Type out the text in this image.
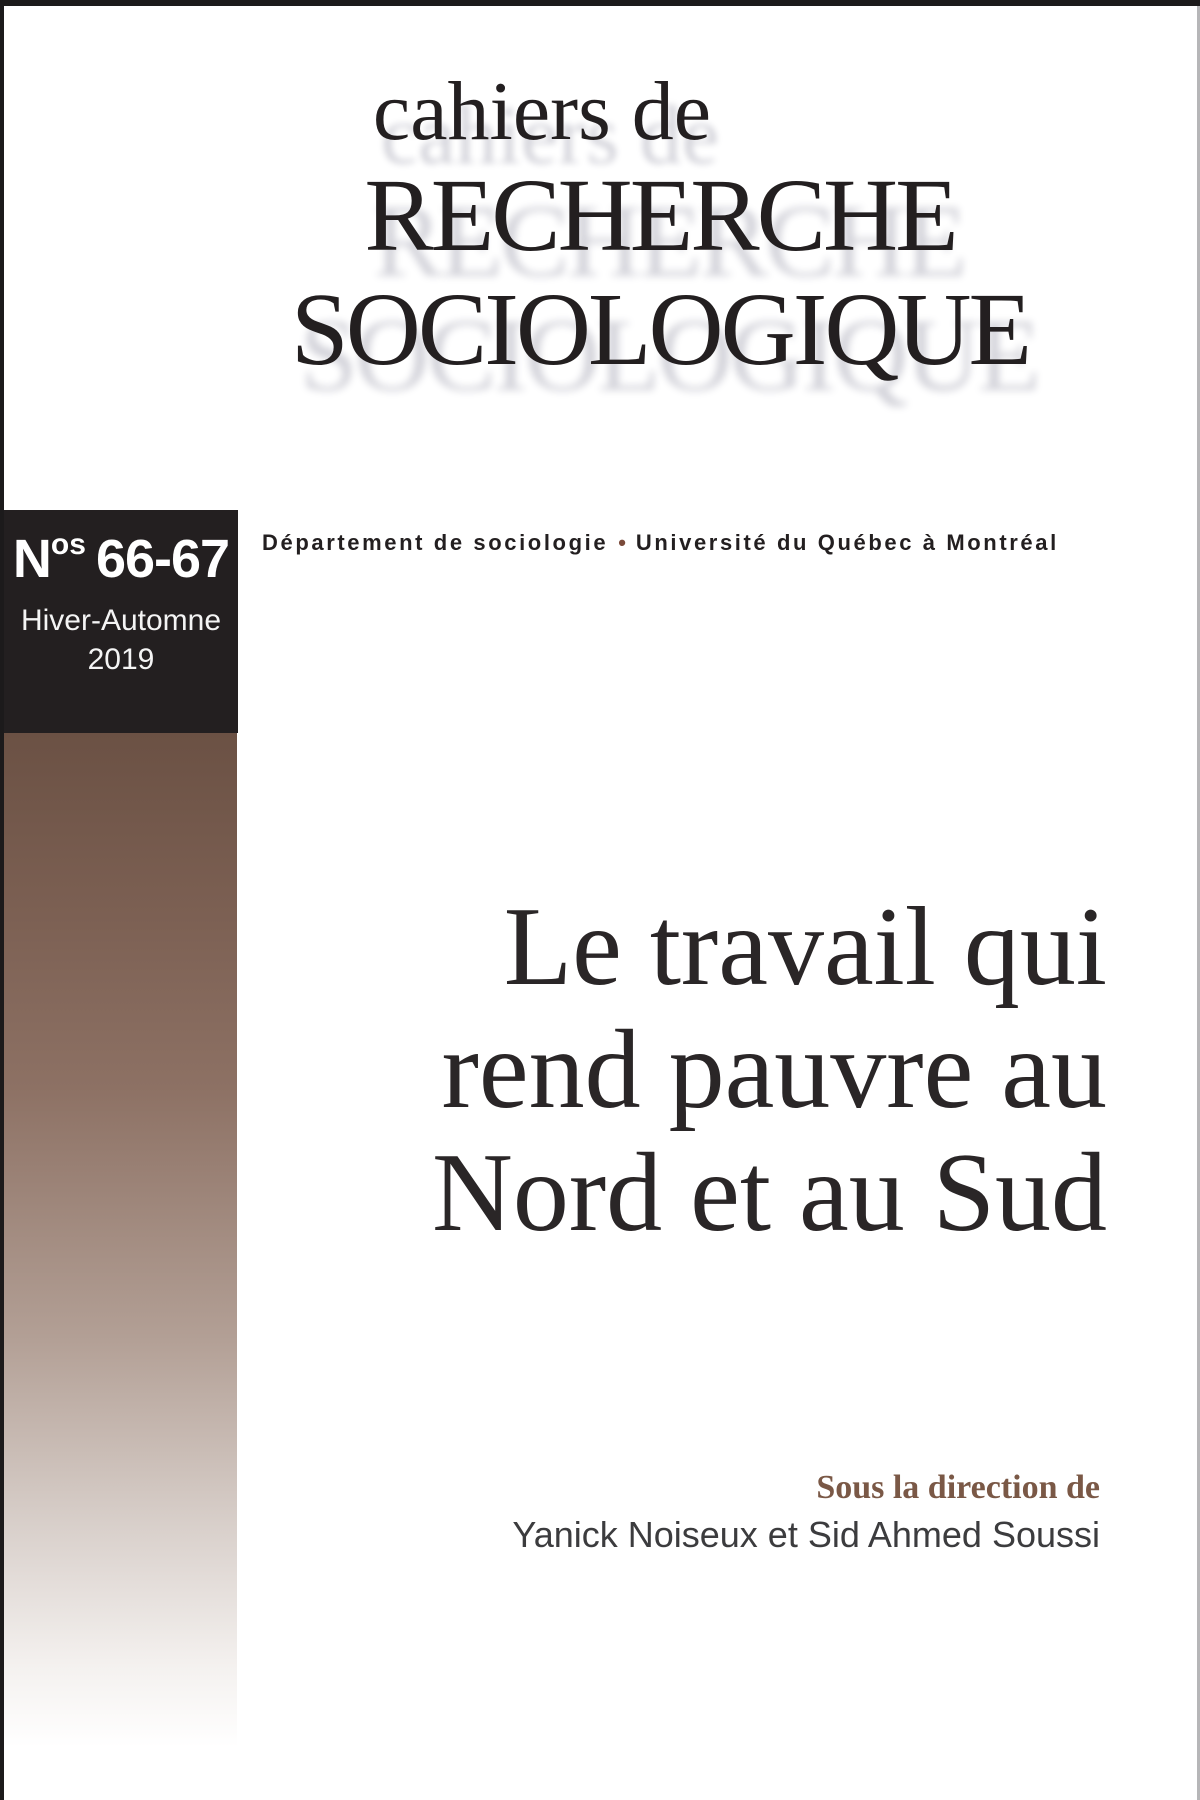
cahiers de
RECHERCHE
SOCIOLOGIQUE
Département de sociologie • Université du Québec à Montréal
$N^{os}$ 66-67
Hiver-Automne
2019
Le travail qui
rend pauvre au
Nord et au Sud
Sous la direction de
Yanick Noiseux et Sid Ahmed Soussi
